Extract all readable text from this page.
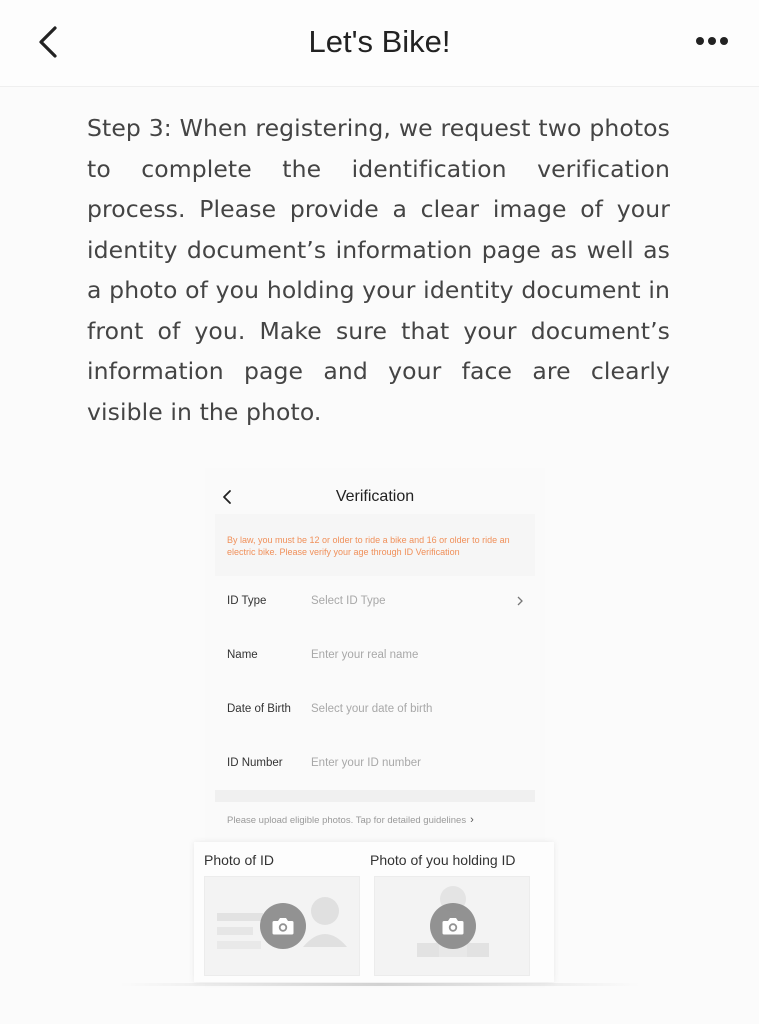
Let's Bike!
Step 3: When registering, we request two photos to complete the identification verification process. Please provide a clear image of your identity document’s information page as well as a photo of you holding your identity document in front of you. Make sure that your document’s information page and your face are clearly visible in the photo.
Verification
By law, you must be 12 or older to ride a bike and 16 or older to ride an electric bike. Please verify your age through ID Verification
ID Type	Select ID Type
Name	Enter your real name
Date of Birth Select your date of birth
ID Number Enter your ID number
Please upload eligible photos. Tap for detailed guidelines ›
Photo of ID	Photo of you holding ID
